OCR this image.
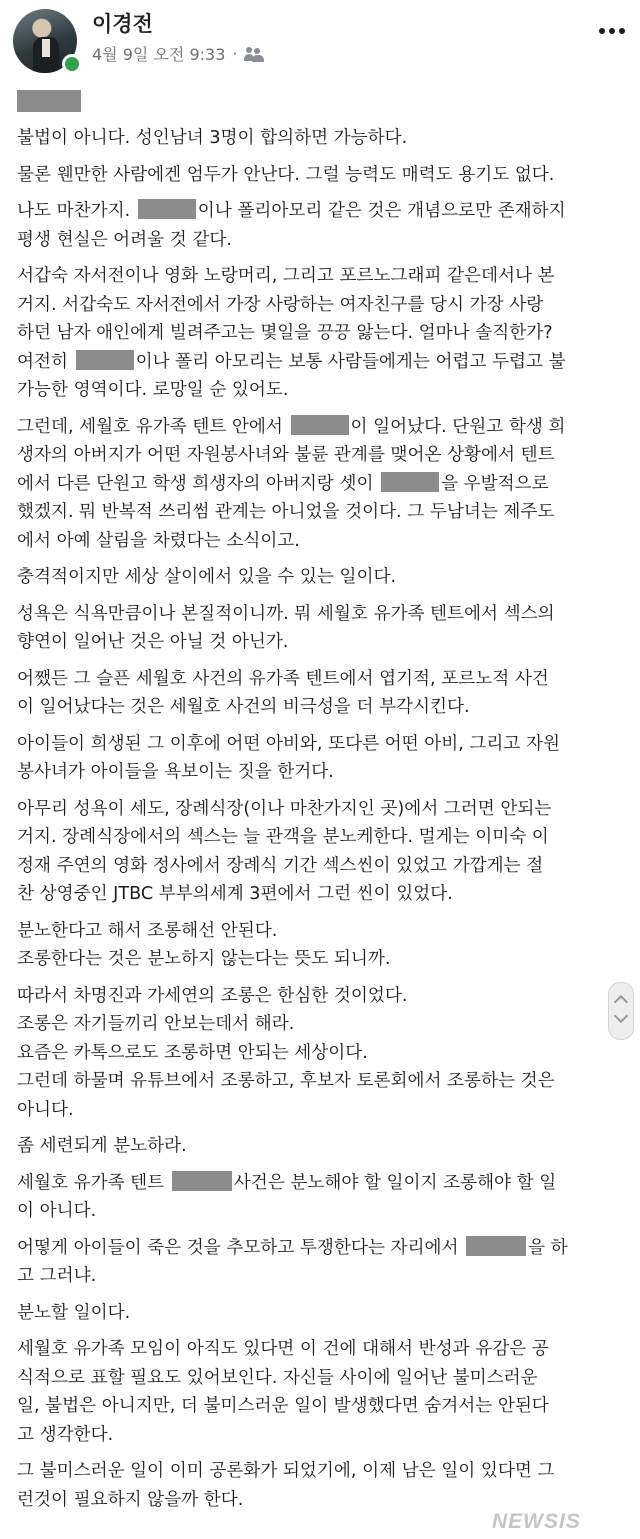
이경전
4월 9일 오전 9:33 ·
불법이 아니다. 성인남녀 3명이 합의하면 가능하다.
물론 웬만한 사람에겐 엄두가 안난다. 그럴 능력도 매력도 용기도 없다.
나도 마찬가지.	이나 폴리아모리 같은 것은 개념으로만 존재하지
평생 현실은 어려울 것 같다.
서갑숙 자서전이나 영화 노랑머리, 그리고 포르노그래피 같은데서나 본
거지. 서갑숙도 자서전에서 가장 사랑하는 여자친구를 당시 가장 사랑
하던 남자 애인에게 빌려주고는 몇일을 끙끙 앓는다. 얼마나 솔직한가?
여전히	이나 폴리 아모리는 보통 사람들에게는 어렵고 두렵고 불
가능한 영역이다. 로망일 순 있어도.
그런데, 세월호 유가족 텐트 안에서	이 일어났다. 단원고 학생 희
생자의 아버지가 어떤 자원봉사녀와 불륜 관계를 맺어온 상황에서 텐트
에서 다른 단원고 학생 희생자의 아버지랑 셋이	을 우발적으로
했겠지. 뭐 반복적 쓰리썸 관계는 아니었을 것이다. 그 두남녀는 제주도
에서 아예 살림을 차렸다는 소식이고.
충격적이지만 세상 살이에서 있을 수 있는 일이다.
성욕은 식욕만큼이나 본질적이니까. 뭐 세월호 유가족 텐트에서 섹스의
향연이 일어난 것은 아닐 것 아닌가.
어쨌든 그 슬픈 세월호 사건의 유가족 텐트에서 엽기적, 포르노적 사건
이 일어났다는 것은 세월호 사건의 비극성을 더 부각시킨다.
아이들이 희생된 그 이후에 어떤 아비와, 또다른 어떤 아비, 그리고 자원
봉사녀가 아이들을 욕보이는 짓을 한거다.
아무리 성욕이 세도, 장례식장(이나 마찬가지인 곳)에서 그러면 안되는
거지. 장례식장에서의 섹스는 늘 관객을 분노케한다. 멀게는 이미숙 이
정재 주연의 영화 정사에서 장례식 기간 섹스씬이 있었고 가깝게는 절
찬 상영중인 JTBC 부부의세계 3편에서 그런 씬이 있었다.
분노한다고 해서 조롱해선 안된다.
조롱한다는 것은 분노하지 않는다는 뜻도 되니까.
따라서 차명진과 가세연의 조롱은 한심한 것이었다.
조롱은 자기들끼리 안보는데서 해라.
요즘은 카톡으로도 조롱하면 안되는 세상이다.
그런데 하물며 유튜브에서 조롱하고, 후보자 토론회에서 조롱하는 것은
아니다.
좀 세련되게 분노하라.
세월호 유가족 텐트	사건은 분노해야 할 일이지 조롱해야 할 일
이 아니다.
어떻게 아이들이 죽은 것을 추모하고 투쟁한다는 자리에서	을 하
고 그러냐.
분노할 일이다.
세월호 유가족 모임이 아직도 있다면 이 건에 대해서 반성과 유감은 공
식적으로 표할 필요도 있어보인다. 자신들 사이에 일어난 불미스러운
일, 불법은 아니지만, 더 불미스러운 일이 발생했다면 숨겨서는 안된다
고 생각한다.
그 불미스러운 일이 이미 공론화가 되었기에, 이제 남은 일이 있다면 그
런것이 필요하지 않을까 한다.
NEWSIS
